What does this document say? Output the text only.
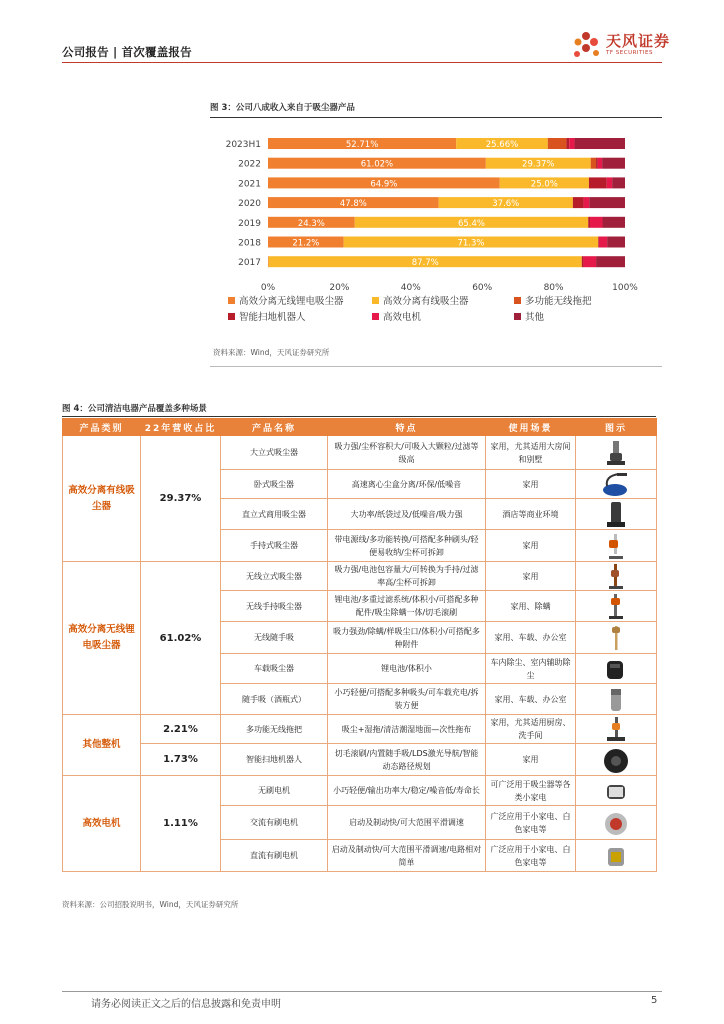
公司报告 | 首次覆盖报告
天风证券
TF SECURITIES
图 3：公司八成收入来自于吸尘器产品
2023H1	52.71%	25.66%
2022	61.02%	29.37%
2021	64.9%	25.0%
2020	47.8%	37.6%
2019	24.3%	65.4%
2018	21.2%	71.3%
2017	87.7%
0%	20%	40%	60%	80%	100%
高效分离无线锂电吸尘器	高效分离有线吸尘器	多功能无线拖把
智能扫地机器人	高效电机	其他
资料来源：Wind，天风证券研究所
图 4：公司清洁电器产品覆盖多种场景
产品类别	22年营收占比	产品名称	特点	使用场景	图示
高效分离有线吸尘器	29.37%	大立式吸尘器	吸力强/尘杯容积大/可吸入大颗粒/过滤等级高	家用，尤其适用大房间和别墅	

		卧式吸尘器	高速离心尘盒分离/环保/低噪音	家用	

		直立式商用吸尘器	大功率/纸袋过及/低噪音/吸力强	酒店等商业环境	

		手持式吸尘器	带电源线/多功能转换/可搭配多种刷头/轻便易收纳/尘杯可拆卸	家用	

高效分离无线锂电吸尘器	61.02%	无线立式吸尘器	吸力强/电池包容量大/可转换为手持/过滤率高/尘杯可拆卸	家用	

		无线手持吸尘器	锂电池/多重过滤系统/体积小/可搭配多种配件/吸尘除螨一体/切毛滚刷	家用、除螨	

		无线随手吸	吸力强劲/除螨/样吸尘口/体积小/可搭配多种附件	家用、车载、办公室	

		车载吸尘器	锂电池/体积小	车内除尘、室内辅助除尘	

		随手吸（酒瓶式）	小巧轻便/可搭配多种吸头/可车载充电/拆装方便	家用、车载、办公室	

其他整机	2.21%	多功能无线拖把	吸尘+湿拖/清洁潮湿地面—次性拖布	家用，尤其适用厨房、洗手间	

	1.73%	智能扫地机器人	切毛滚刷/内置随手吸/LDS激光导航/智能动态路径规划	家用	

高效电机	1.11%	无刷电机	小巧轻便/输出功率大/稳定/噪音低/寿命长	可广泛用于吸尘器等各类小家电	

		交流有刷电机	启动及制动快/可大范围平滑调速	广泛应用于小家电、白色家电等	

		直流有刷电机	启动及制动快/可大范围平滑调速/电路相对简单	广泛应用于小家电、白色家电等	
资料来源：公司招股说明书，Wind，天风证券研究所
请务必阅读正文之后的信息披露和免责申明	5
